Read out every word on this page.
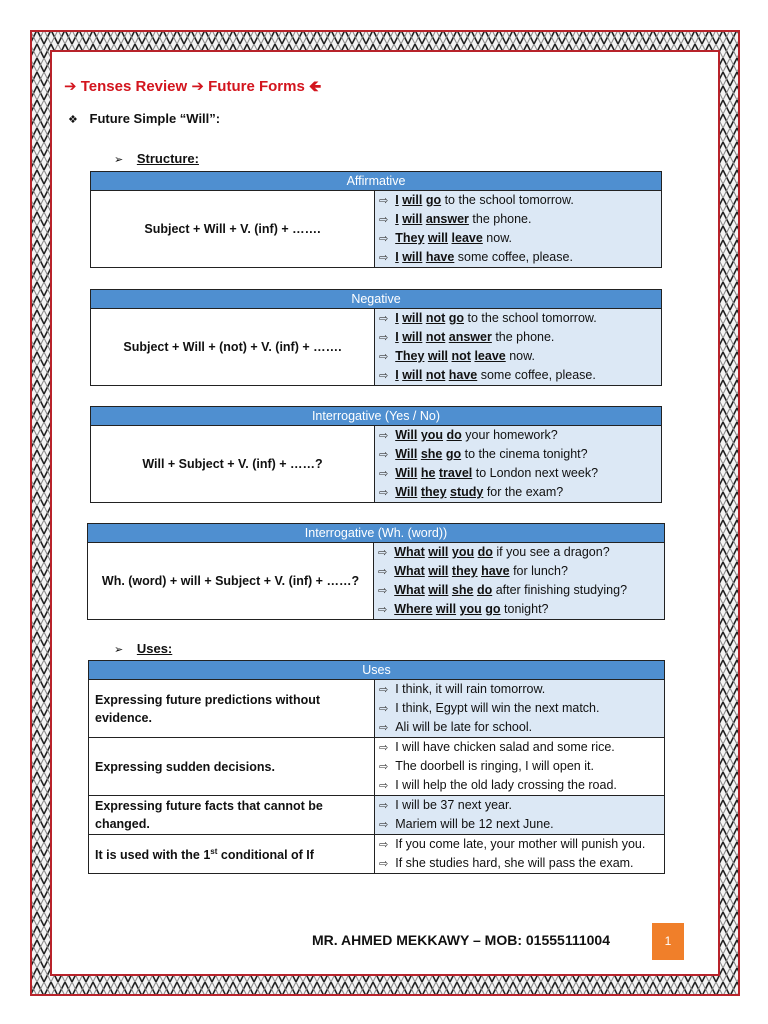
➔ Tenses Review ➔ Future Forms 🡸
❖ Future Simple “Will”:
➢ Structure:
Affirmative
Subject + Will + V. (inf) + …….	
⇨ I will go to the school tomorrow.
⇨ I will answer the phone.
⇨ They will leave now.
⇨ I will have some coffee, please.
Negative
Subject + Will + (not) + V. (inf) + …….	
⇨ I will not go to the school tomorrow.
⇨ I will not answer the phone.
⇨ They will not leave now.
⇨ I will not have some coffee, please.
Interrogative (Yes / No)
Will + Subject + V. (inf) + ……?	
⇨ Will you do your homework?
⇨ Will she go to the cinema tonight?
⇨ Will he travel to London next week?
⇨ Will they study for the exam?
Interrogative (Wh. (word))
Wh. (word) + will + Subject + V. (inf) + ……?	
⇨ What will you do if you see a dragon?
⇨ What will they have for lunch?
⇨ What will she do after finishing studying?
⇨ Where will you go tonight?
➢ Uses:
Uses	
Expressing future predictions without evidence.	⇨ I think, it will rain tomorrow.
⇨ I think, Egypt will win the next match.
⇨ Ali will be late for school.

Expressing sudden decisions.	⇨ I will have chicken salad and some rice.
⇨ The doorbell is ringing, I will open it.
⇨ I will help the old lady crossing the road.

Expressing future facts that cannot be changed.	⇨ I will be 37 next year.
⇨ Mariem will be 12 next June.

It is used with the 1st conditional of If	⇨ If you come late, your mother will punish you.
⇨ If she studies hard, she will pass the exam.
MR. AHMED MEKKAWY – MOB: 01555111004	1
